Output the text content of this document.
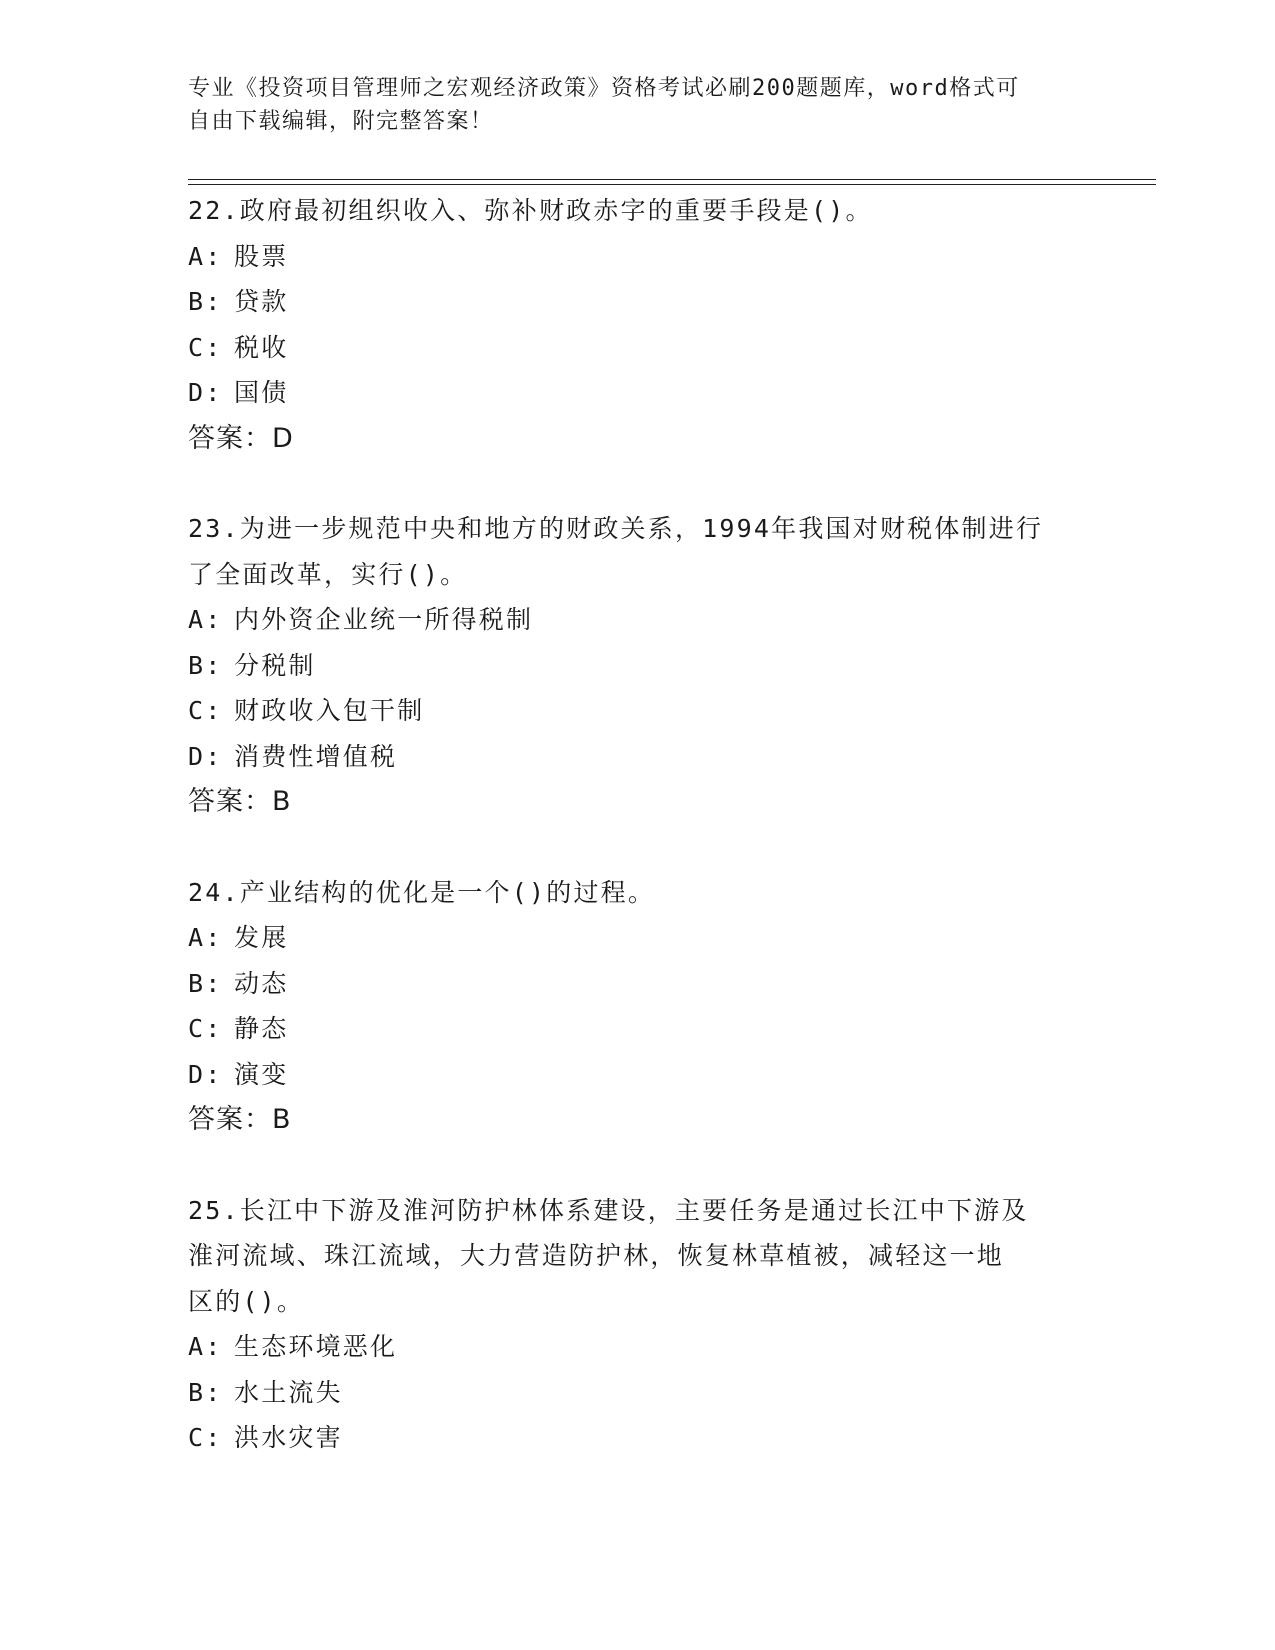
专业《投资项目管理师之宏观经济政策》资格考试必刷200题题库，word格式可
自由下载编辑，附完整答案！

22.政府最初组织收入、弥补财政赤字的重要手段是()。

A: 股票

B: 贷款

C: 税收

D: 国债

答案：D

23.为进一步规范中央和地方的财政关系，1994年我国对财税体制进行

了全面改革，实行()。

A: 内外资企业统一所得税制

B: 分税制

C: 财政收入包干制

D: 消费性增值税

答案：B

24.产业结构的优化是一个()的过程。

A: 发展

B: 动态

C: 静态

D: 演变

答案：B

25.长江中下游及淮河防护林体系建设，主要任务是通过长江中下游及

淮河流域、珠江流域，大力营造防护林，恢复林草植被，减轻这一地

区的()。

A: 生态环境恶化

B: 水土流失

C: 洪水灾害
